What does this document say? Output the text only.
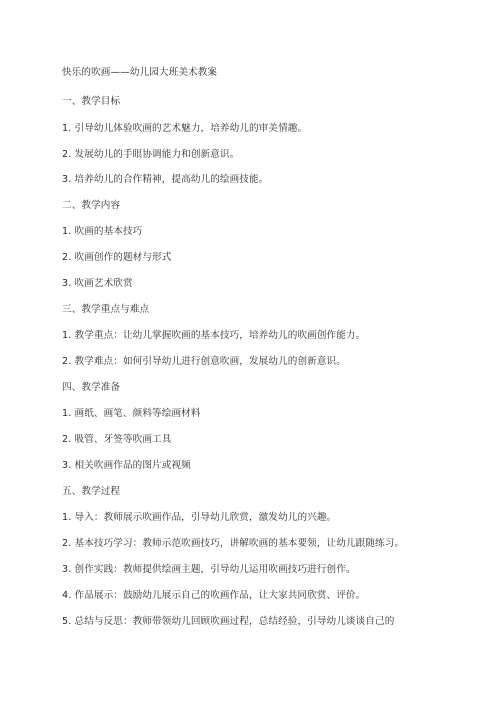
快乐的吹画——幼儿园大班美术教案
一、教学目标
1. 引导幼儿体验吹画的艺术魅力，培养幼儿的审美情趣。
2. 发展幼儿的手眼协调能力和创新意识。
3. 培养幼儿的合作精神，提高幼儿的绘画技能。
二、教学内容
1. 吹画的基本技巧
2. 吹画创作的题材与形式
3. 吹画艺术欣赏
三、教学重点与难点
1. 教学重点：让幼儿掌握吹画的基本技巧，培养幼儿的吹画创作能力。
2. 教学难点：如何引导幼儿进行创意吹画，发展幼儿的创新意识。
四、教学准备
1. 画纸、画笔、颜料等绘画材料
2. 吸管、牙签等吹画工具
3. 相关吹画作品的图片或视频
五、教学过程
1. 导入：教师展示吹画作品，引导幼儿欣赏，激发幼儿的兴趣。
2. 基本技巧学习：教师示范吹画技巧，讲解吹画的基本要领，让幼儿跟随练习。
3. 创作实践：教师提供绘画主题，引导幼儿运用吹画技巧进行创作。
4. 作品展示：鼓励幼儿展示自己的吹画作品，让大家共同欣赏、评价。
5. 总结与反思：教师带领幼儿回顾吹画过程，总结经验，引导幼儿谈谈自己的
